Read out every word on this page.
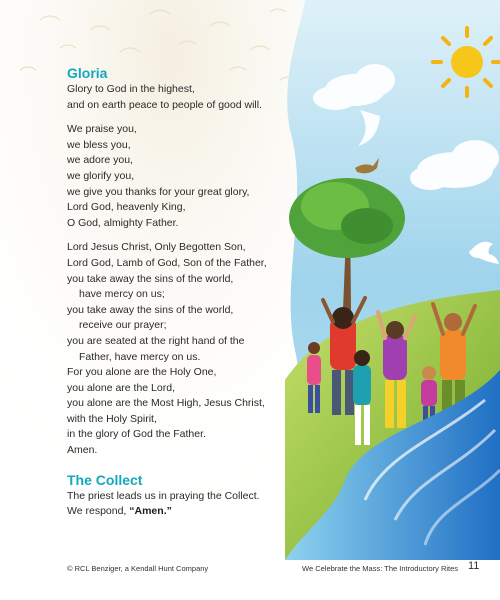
Gloria

Glory to God in the highest,

and on earth peace to people of good will.

We praise you,

we bless you,

we adore you,

we glorify you,

we give you thanks for your great glory,

Lord God, heavenly King,

O God, almighty Father.

Lord Jesus Christ, Only Begotten Son,

Lord God, Lamb of God, Son of the Father,

you take away the sins of the world,

have mercy on us;

you take away the sins of the world,

receive our prayer;

you are seated at the right hand of the

Father, have mercy on us.

For you alone are the Holy One,

you alone are the Lord,

you alone are the Most High, Jesus Christ,

with the Holy Spirit,

in the glory of God the Father.

Amen.

The Collect

The priest leads us in praying the Collect.

We respond, “Amen.”

© RCL Benziger, a Kendall Hunt Company	We Celebrate the Mass: The Introductory Rites 11
